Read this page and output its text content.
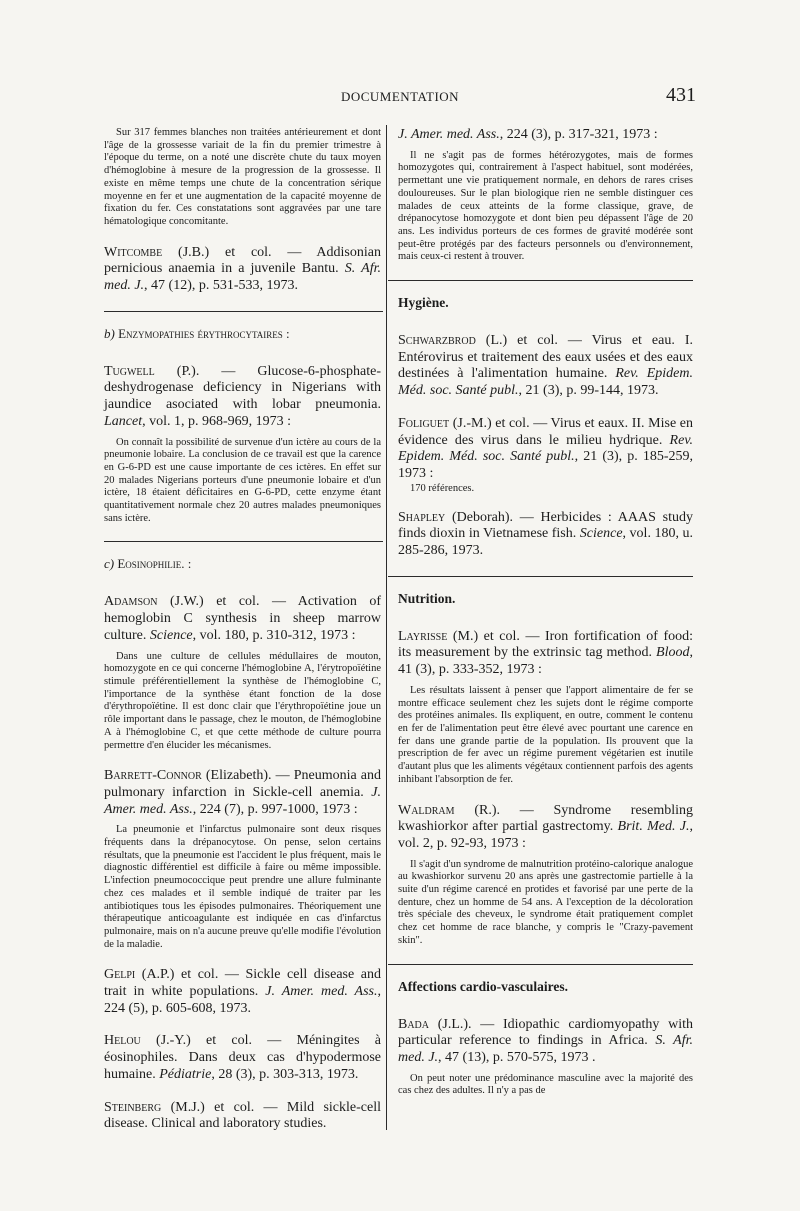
DOCUMENTATION	431

Sur 317 femmes blanches non traitées antérieurement et dont l'âge de la grossesse variait de la fin du premier trimestre à l'époque du terme, on a noté une discrète chute du taux moyen d'hémoglobine à mesure de la progression de la grossesse. Il existe en même temps une chute de la concentration sérique moyenne en fer et une augmentation de la capacité moyenne de fixation du fer. Ces constatations sont aggravées par une tare hématologique concomitante.

Witcombe (J.B.) et col. — Addisonian pernicious anaemia in a juvenile Bantu. S. Afr. med. J., 47 (12), p. 531-533, 1973.

b) Enzymopathies érythrocytaires :

Tugwell (P.). — Glucose-6-phosphate-deshydrogenase deficiency in Nigerians with jaundice asociated with lobar pneumonia. Lancet, vol. 1, p. 968-969, 1973 :

On connaît la possibilité de survenue d'un ictère au cours de la pneumonie lobaire. La conclusion de ce travail est que la carence en G-6-PD est une cause importante de ces ictères. En effet sur 20 malades Nigerians porteurs d'une pneumonie lobaire et d'un ictère, 18 étaient déficitaires en G-6-PD, cette enzyme étant quantitativement normale chez 20 autres malades pneumoniques sans ictère.

c) Eosinophilie. :

Adamson (J.W.) et col. — Activation of hemoglobin C synthesis in sheep marrow culture. Science, vol. 180, p. 310-312, 1973 :

Dans une culture de cellules médullaires de mouton, homozygote en ce qui concerne l'hémoglobine A, l'érytropoïétine stimule préférentiellement la synthèse de l'hémoglobine C, l'importance de la synthèse étant fonction de la dose d'érythropoïétine. Il est donc clair que l'érythropoïétine joue un rôle important dans le passage, chez le mouton, de l'hémoglobine A à l'hémoglobine C, et que cette méthode de culture pourra permettre d'en élucider les mécanismes.

Barrett-Connor (Elizabeth). — Pneumonia and pulmonary infarction in Sickle-cell anemia. J. Amer. med. Ass., 224 (7), p. 997-1000, 1973 :

La pneumonie et l'infarctus pulmonaire sont deux risques fréquents dans la drépanocytose. On pense, selon certains résultats, que la pneumonie est l'accident le plus fréquent, mais le diagnostic différentiel est difficile à faire ou même impossible. L'infection pneumococcique peut prendre une allure fulminante chez ces malades et il semble indiqué de traiter par les antibiotiques tous les épisodes pulmonaires. Théoriquement une thérapeutique anticoagulante est indiquée en cas d'infarctus pulmonaire, mais on n'a aucune preuve qu'elle modifie l'évolution de la maladie.

Gelpi (A.P.) et col. — Sickle cell disease and trait in white populations. J. Amer. med. Ass., 224 (5), p. 605-608, 1973.

Helou (J.-Y.) et col. — Méningites à éosinophiles. Dans deux cas d'hypodermose humaine. Pédiatrie, 28 (3), p. 303-313, 1973.

Steinberg (M.J.) et col. — Mild sickle-cell disease. Clinical and laboratory studies.

J. Amer. med. Ass., 224 (3), p. 317-321, 1973 :

Il ne s'agit pas de formes hétérozygotes, mais de formes homozygotes qui, contrairement à l'aspect habituel, sont modérées, permettant une vie pratiquement normale, en dehors de rares crises douloureuses. Sur le plan biologique rien ne semble distinguer ces malades de ceux atteints de la forme classique, grave, de drépanocytose homozygote et dont bien peu dépassent l'âge de 20 ans. Les individus porteurs de ces formes de gravité modérée sont peut-être protégés par des facteurs personnels ou d'environnement, mais ceux-ci restent à trouver.

Hygiène.

Schwarzbrod (L.) et col. — Virus et eau. I. Entérovirus et traitement des eaux usées et des eaux destinées à l'alimentation humaine. Rev. Epidem. Méd. soc. Santé publ., 21 (3), p. 99-144, 1973.

Foliguet (J.-M.) et col. — Virus et eaux. II. Mise en évidence des virus dans le milieu hydrique. Rev. Epidem. Méd. soc. Santé publ., 21 (3), p. 185-259, 1973 :

170 références.

Shapley (Deborah). — Herbicides : AAAS study finds dioxin in Vietnamese fish. Science, vol. 180, u. 285-286, 1973.

Nutrition.

Layrisse (M.) et col. — Iron fortification of food: its measurement by the extrinsic tag method. Blood, 41 (3), p. 333-352, 1973 :

Les résultats laissent à penser que l'apport alimentaire de fer se montre efficace seulement chez les sujets dont le régime comporte des protéines animales. Ils expliquent, en outre, comment le contenu en fer de l'alimentation peut être élevé avec pourtant une carence en fer dans une grande partie de la population. Ils prouvent que la prescription de fer avec un régime purement végétarien est inutile d'autant plus que les aliments végétaux contiennent parfois des agents inhibant l'absorption de fer.

Waldram (R.). — Syndrome resembling kwashiorkor after partial gastrectomy. Brit. Med. J., vol. 2, p. 92-93, 1973 :

Il s'agit d'un syndrome de malnutrition protéino-calorique analogue au kwashiorkor survenu 20 ans après une gastrectomie partielle à la suite d'un régime carencé en protides et favorisé par une perte de la denture, chez un homme de 54 ans. A l'exception de la décoloration très spéciale des cheveux, le syndrome était pratiquement complet chez cet homme de race blanche, y compris le "Crazy-pavement skin".

Affections cardio-vasculaires.

Bada (J.L.). — Idiopathic cardiomyopathy with particular reference to findings in Africa. S. Afr. med. J., 47 (13), p. 570-575, 1973 .

On peut noter une prédominance masculine avec la majorité des cas chez des adultes. Il n'y a pas de
